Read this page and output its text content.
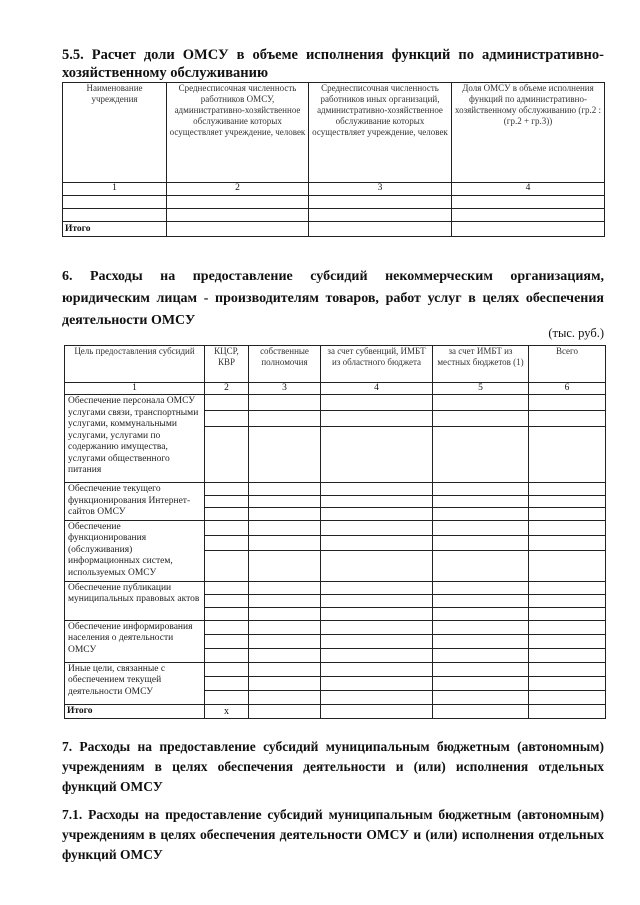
5.5. Расчет доли ОМСУ в объеме исполнения функций по административно-хозяйственному обслуживанию
Наименование учреждения	Среднесписочная численность работников ОМСУ, административно-хозяйственное обслуживание которых осуществляет учреждение, человек	Среднесписочная численность работников иных организаций, административно-хозяйственное обслуживание которых осуществляет учреждение, человек	Доля ОМСУ в объеме исполнения функций по административно-хозяйственному обслуживанию (гр.2 : (гр.2 + гр.3))
1	2	3	4

Итого			
6. Расходы на предоставление субсидий некоммерческим организациям, юридическим лицам - производителям товаров, работ услуг в целях обеспечения деятельности ОМСУ
(тыс. руб.)
Цель предоставления субсидий	КЦСР, КВР	собственные полномочия	за счет субвенций, ИМБТ из областного бюджета	за счет ИМБТ из местных бюджетов (1)	Всего
1	2	3	4	5	6
Обеспечение персонала ОМСУ услугами связи, транспортными услугами, коммунальными услугами, услугами по содержанию имущества, услугами общественного питания	

Обеспечение текущего функционирования Интернет-сайтов ОМСУ	

Обеспечение функционирования (обслуживания) информационных систем, используемых ОМСУ	

Обеспечение публикации муниципальных правовых актов	

Обеспечение информирования населения о деятельности ОМСУ	

Иные цели, связанные с обеспечением текущей деятельности ОМСУ	

Итого	x				
7. Расходы на предоставление субсидий муниципальным бюджетным (автономным) учреждениям в целях обеспечения деятельности и (или) исполнения отдельных функций ОМСУ
7.1. Расходы на предоставление субсидий муниципальным бюджетным (автономным) учреждениям в целях обеспечения деятельности ОМСУ и (или) исполнения отдельных функций ОМСУ
